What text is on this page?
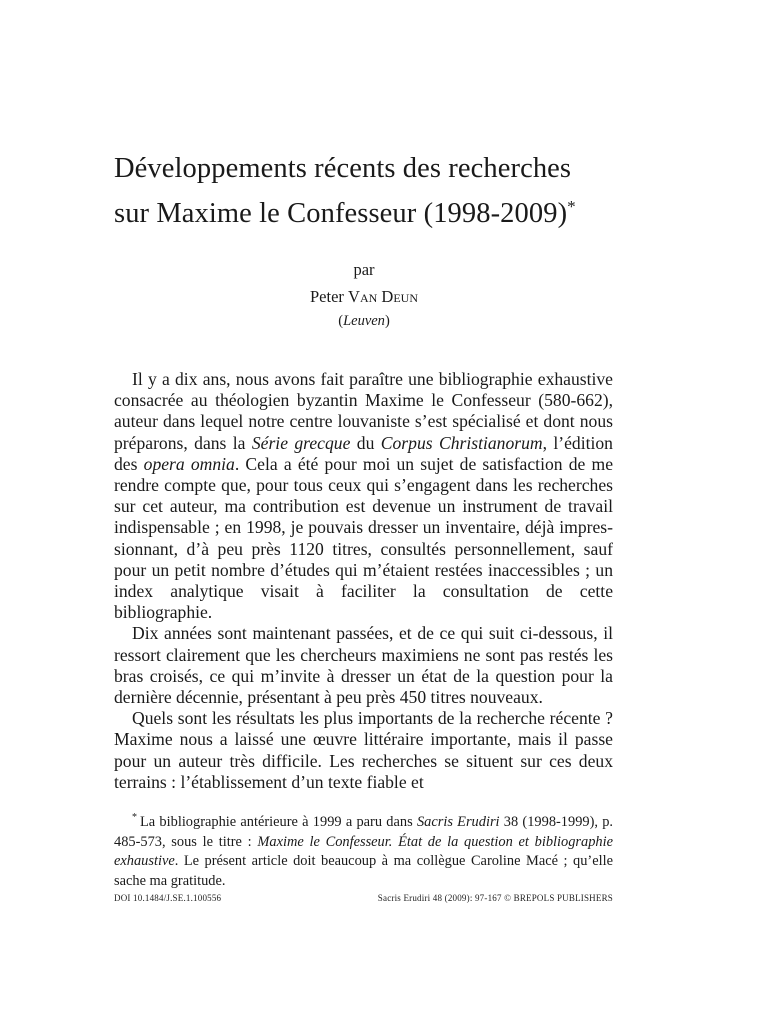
Développements récents des recherches
sur Maxime le Confesseur (1998-2009)*

par

Peter Van Deun

(Leuven)

Il y a dix ans, nous avons fait paraître une bibliographie exhaustive consacrée au théologien byzantin Maxime le Confesseur (580-662), auteur dans lequel notre centre louvaniste s’est spécialisé et dont nous préparons, dans la Série grecque du Corpus Christianorum, l’édition des opera omnia. Cela a été pour moi un sujet de satisfaction de me rendre compte que, pour tous ceux qui s’engagent dans les recherches sur cet auteur, ma contribution est devenue un instrument de travail indispensable ; en 1998, je pouvais dresser un inventaire, déjà impressionnant, d’à peu près 1120 titres, consultés personnellement, sauf pour un petit nombre d’études qui m’étaient restées inaccessibles ; un index analytique visait à faciliter la consultation de cette bibliographie.

Dix années sont maintenant passées, et de ce qui suit ci-dessous, il ressort clairement que les chercheurs maximiens ne sont pas restés les bras croisés, ce qui m’invite à dresser un état de la question pour la dernière décennie, présentant à peu près 450 titres nouveaux.

Quels sont les résultats les plus importants de la recherche récente ? Maxime nous a laissé une œuvre littéraire importante, mais il passe pour un auteur très difficile. Les recherches se situent sur ces deux terrains : l’établissement d’un texte fiable et

* La bibliographie antérieure à 1999 a paru dans Sacris Erudiri 38 (1998-1999), p. 485-573, sous le titre : Maxime le Confesseur. État de la question et bibliographie exhaustive. Le présent article doit beaucoup à ma collègue Caroline Macé ; qu’elle sache ma gratitude.

DOI 10.1484/J.SE.1.100556	Sacris Erudiri 48 (2009): 97-167 © BREPOLS PUBLISHERS
